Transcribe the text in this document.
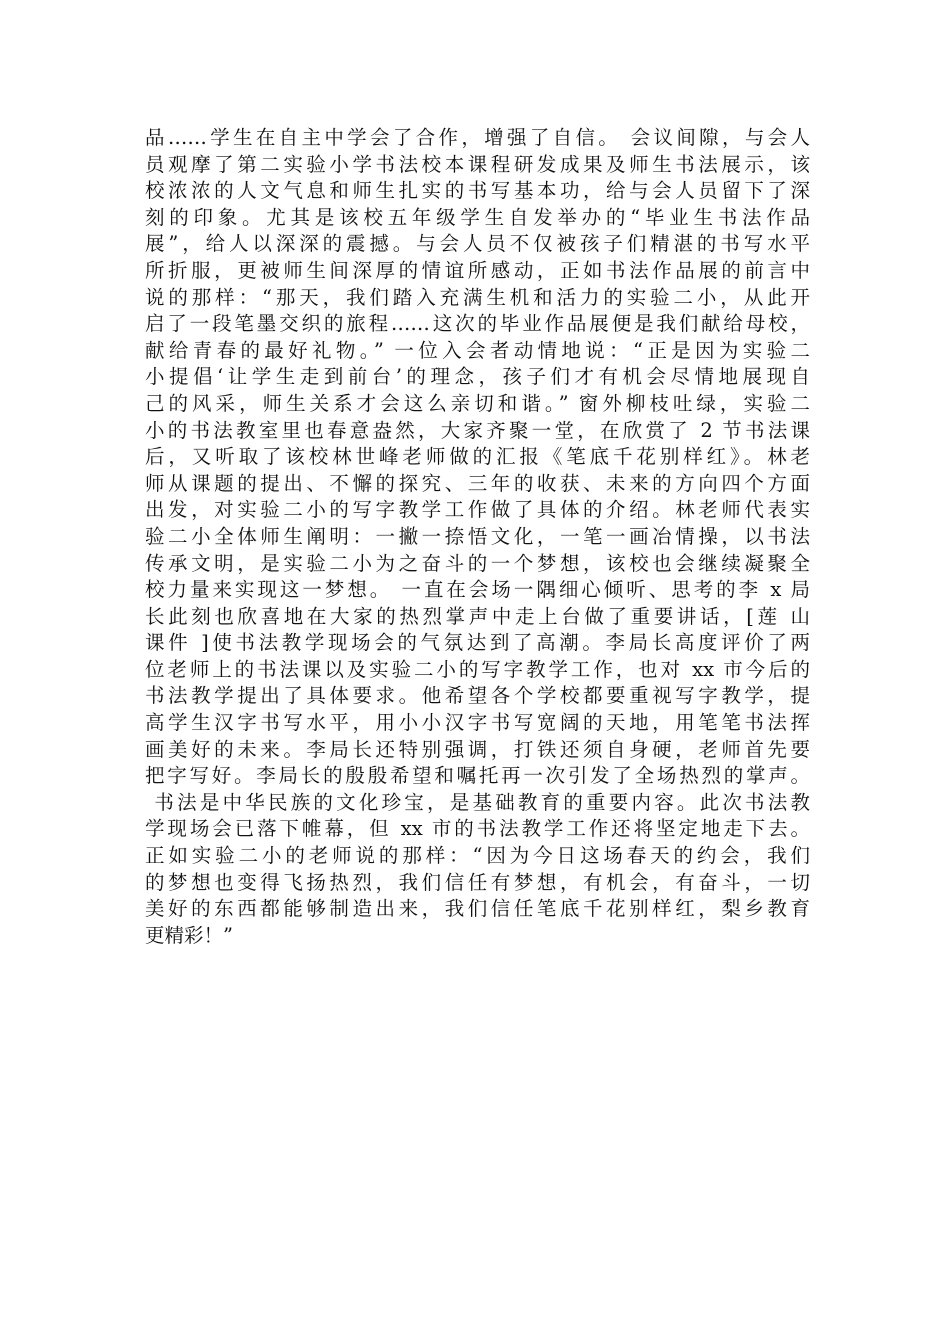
品……学生在自主中学会了合作，增强了自信。 会议间隙，与会人
员观摩了第二实验小学书法校本课程研发成果及师生书法展示，该
校浓浓的人文气息和师生扎实的书写基本功，给与会人员留下了深
刻的印象。尤其是该校五年级学生自发举办的“毕业生书法作品
展”，给人以深深的震撼。与会人员不仅被孩子们精湛的书写水平
所折服，更被师生间深厚的情谊所感动，正如书法作品展的前言中
说的那样：“那天，我们踏入充满生机和活力的实验二小，从此开
启了一段笔墨交织的旅程……这次的毕业作品展便是我们献给母校，
献给青春的最好礼物。” 一位入会者动情地说：“正是因为实验二
小提倡‘让学生走到前台’的理念，孩子们才有机会尽情地展现自
己的风采，师生关系才会这么亲切和谐。” 窗外柳枝吐绿，实验二
小的书法教室里也春意盎然，大家齐聚一堂，在欣赏了 2 节书法课
后，又听取了该校林世峰老师做的汇报《笔底千花别样红》。林老
师从课题的提出、不懈的探究、三年的收获、未来的方向四个方面
出发，对实验二小的写字教学工作做了具体的介绍。林老师代表实
验二小全体师生阐明：一撇一捺悟文化，一笔一画冶情操，以书法
传承文明，是实验二小为之奋斗的一个梦想，该校也会继续凝聚全
校力量来实现这一梦想。 一直在会场一隅细心倾听、思考的李 x 局
长此刻也欣喜地在大家的热烈掌声中走上台做了重要讲话，[莲 山
课件 ]使书法教学现场会的气氛达到了高潮。李局长高度评价了两
位老师上的书法课以及实验二小的写字教学工作，也对 xx 市今后的
书法教学提出了具体要求。他希望各个学校都要重视写字教学，提
高学生汉字书写水平，用小小汉字书写宽阔的天地，用笔笔书法挥
画美好的未来。李局长还特别强调，打铁还须自身硬，老师首先要
把字写好。李局长的殷殷希望和嘱托再一次引发了全场热烈的掌声。
书法是中华民族的文化珍宝，是基础教育的重要内容。此次书法教
学现场会已落下帷幕，但 xx 市的书法教学工作还将坚定地走下去。
正如实验二小的老师说的那样：“因为今日这场春天的约会，我们
的梦想也变得飞扬热烈，我们信任有梦想，有机会，有奋斗，一切
美好的东西都能够制造出来，我们信任笔底千花别样红，梨乡教育
更精彩！”
